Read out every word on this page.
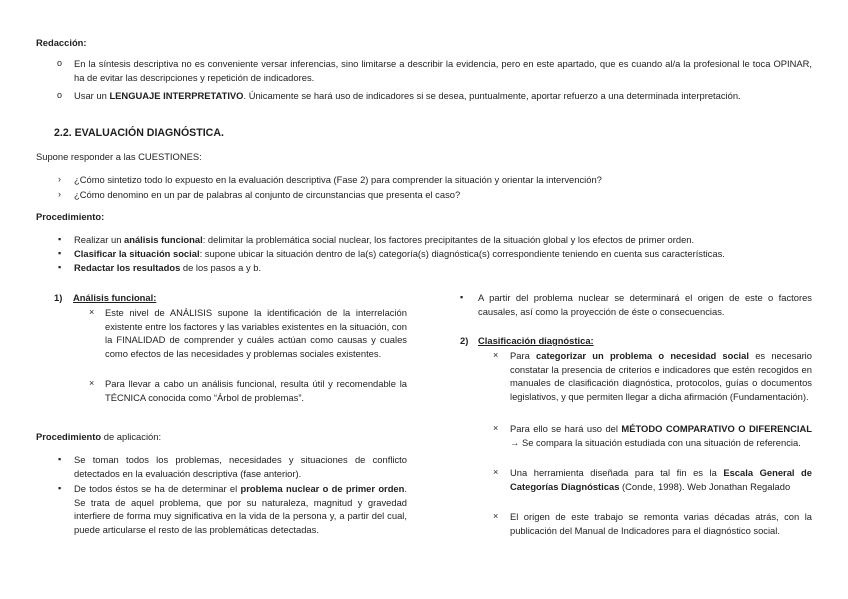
Redacción:
o En la síntesis descriptiva no es conveniente versar inferencias, sino limitarse a describir la evidencia, pero en este apartado, que es cuando al/a la profesional le toca OPINAR, ha de evitar las descripciones y repetición de indicadores.

o Usar un LENGUAJE INTERPRETATIVO. Únicamente se hará uso de indicadores si se desea, puntualmente, aportar refuerzo a una determinada interpretación.

2.2. EVALUACIÓN DIAGNÓSTICA.
Supone responder a las CUESTIONES:
› ¿Cómo sintetizo todo lo expuesto en la evaluación descriptiva (Fase 2) para comprender la situación y orientar la intervención?
› ¿Cómo denomino en un par de palabras al conjunto de circunstancias que presenta el caso?
Procedimiento:
▪ Realizar un análisis funcional: delimitar la problemática social nuclear, los factores precipitantes de la situación global y los efectos de primer orden.
▪ Clasificar la situación social: supone ubicar la situación dentro de la(s) categoría(s) diagnóstica(s) correspondiente teniendo en cuenta sus características.
▪ Redactar los resultados de los pasos a y b.
1) Análisis funcional:
× Este nivel de ANÁLISIS supone la identificación de la interrelación existente entre los factores y las variables existentes en la situación, con la FINALIDAD de comprender y cuáles actúan como causas y cuales como efectos de las necesidades y problemas sociales existentes.

× Para llevar a cabo un análisis funcional, resulta útil y recomendable la TÉCNICA conocida como “Árbol de problemas”.

Procedimiento de aplicación:
▪ Se toman todos los problemas, necesidades y situaciones de conflicto detectados en la evaluación descriptiva (fase anterior).

▪ De todos éstos se ha de determinar el problema nuclear o de primer orden. Se trata de aquel problema, que por su naturaleza, magnitud y gravedad interfiere de forma muy significativa en la vida de la persona y, a partir del cual, puede articularse el resto de las problemáticas detectadas.

▪ A partir del problema nuclear se determinará el origen de este o factores causales, así como la proyección de éste o consecuencias.

2) Clasificación diagnóstica:
× Para categorizar un problema o necesidad social es necesario constatar la presencia de criterios e indicadores que estén recogidos en manuales de clasificación diagnóstica, protocolos, guías o documentos legislativos, y que permiten llegar a dicha afirmación (Fundamentación).

× Para ello se hará uso del MÉTODO COMPARATIVO O DIFERENCIAL → Se compara la situación estudiada con una situación de referencia.

× Una herramienta diseñada para tal fin es la Escala General de Categorías Diagnósticas (Conde, 1998). Web Jonathan Regalado

× El origen de este trabajo se remonta varias décadas atrás, con la publicación del Manual de Indicadores para el diagnóstico social.
